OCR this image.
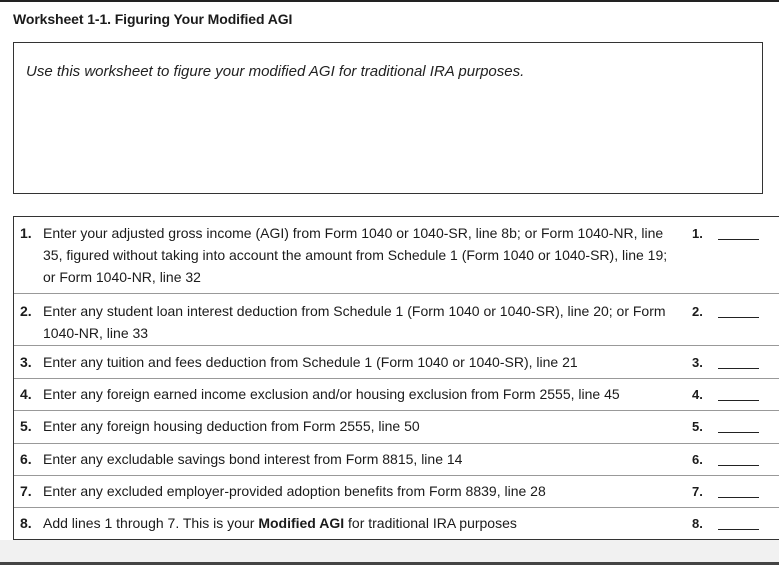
Worksheet 1-1. Figuring Your Modified AGI
Use this worksheet to figure your modified AGI for traditional IRA purposes.
1. Enter your adjusted gross income (AGI) from Form 1040 or 1040-SR, line 8b; or Form 1040-NR, line 35, figured without taking into account the amount from Schedule 1 (Form 1040 or 1040-SR), line 19; or Form 1040-NR, line 32
1.
2. Enter any student loan interest deduction from Schedule 1 (Form 1040 or 1040-SR), line 20; or Form 1040-NR, line 33
2.
3. Enter any tuition and fees deduction from Schedule 1 (Form 1040 or 1040-SR), line 21	3.
4. Enter any foreign earned income exclusion and/or housing exclusion from Form 2555, line 45	4.
5. Enter any foreign housing deduction from Form 2555, line 50	5.
6. Enter any excludable savings bond interest from Form 8815, line 14	6.
7. Enter any excluded employer-provided adoption benefits from Form 8839, line 28	7.
8. Add lines 1 through 7. This is your Modified AGI for traditional IRA purposes	8.
